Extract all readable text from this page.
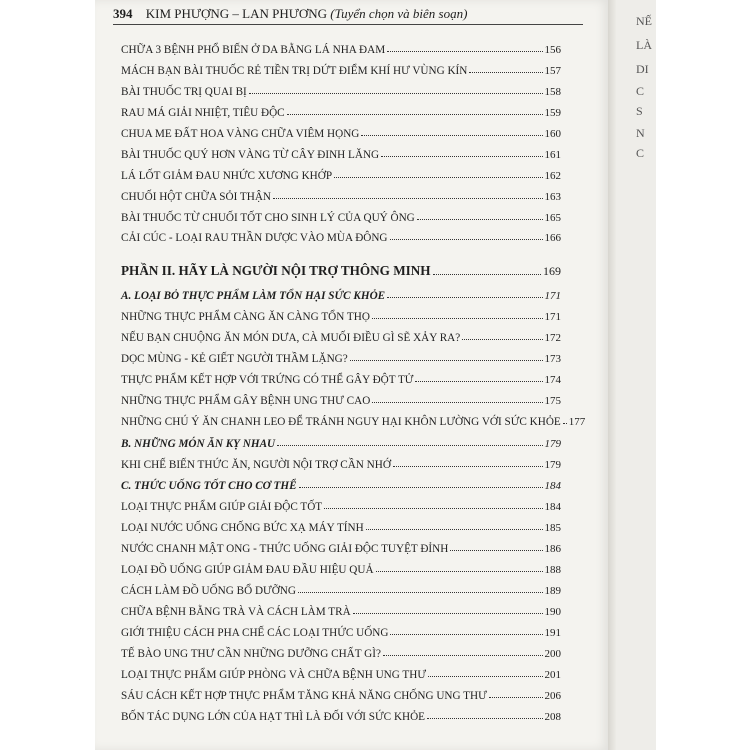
394 KIM PHƯỢNG – LAN PHƯƠNG (Tuyển chọn và biên soạn)
CHỮA 3 BỆNH PHỔ BIẾN Ở DA BẰNG LÁ NHA ĐAM	156
MÁCH BẠN BÀI THUỐC RẺ TIỀN TRỊ DỨT ĐIỂM KHÍ HƯ VÙNG KÍN	157
BÀI THUỐC TRỊ QUAI BỊ	158
RAU MÁ GIẢI NHIỆT, TIÊU ĐỘC	159
CHUA ME ĐẤT HOA VÀNG CHỮA VIÊM HỌNG	160
BÀI THUỐC QUÝ HƠN VÀNG TỪ CÂY ĐINH LĂNG	161
LÁ LỐT GIẢM ĐAU NHỨC XƯƠNG KHỚP	162
CHUỐI HỘT CHỮA SỎI THẬN	163
BÀI THUỐC TỪ CHUỐI TỐT CHO SINH LÝ CỦA QUÝ ÔNG	165
CẢI CÚC - LOẠI RAU THẦN DƯỢC VÀO MÙA ĐÔNG	166
PHẦN II. HÃY LÀ NGƯỜI NỘI TRỢ THÔNG MINH	169
A. LOẠI BỎ THỰC PHẨM LÀM TỔN HẠI SỨC KHỎE	171
NHỮNG THỰC PHẨM CÀNG ĂN CÀNG TỔN THỌ	171
NẾU BẠN CHUỘNG ĂN MÓN DƯA, CÀ MUỐI ĐIỀU GÌ SẼ XẢY RA?	172
DỌC MÙNG - KẺ GIẾT NGƯỜI THẦM LẶNG?	173
THỰC PHẨM KẾT HỢP VỚI TRỨNG CÓ THỂ GÂY ĐỘT TỬ	174
NHỮNG THỰC PHẨM GÂY BỆNH UNG THƯ CAO	175
NHỮNG CHÚ Ý ĂN CHANH LEO ĐỂ TRÁNH NGUY HẠI KHÔN LƯỜNG VỚI SỨC KHỎE 177
B. NHỮNG MÓN ĂN KỴ NHAU	179
KHI CHẾ BIẾN THỨC ĂN, NGƯỜI NỘI TRỢ CẦN NHỚ	179
C. THỨC UỐNG TỐT CHO CƠ THỂ	184
LOẠI THỰC PHẨM GIÚP GIẢI ĐỘC TỐT	184
LOẠI NƯỚC UỐNG CHỐNG BỨC XẠ MÁY TÍNH	185
NƯỚC CHANH MẬT ONG - THỨC UỐNG GIẢI ĐỘC TUYỆT ĐỈNH	186
LOẠI ĐỒ UỐNG GIÚP GIẢM ĐAU ĐẦU HIỆU QUẢ	188
CÁCH LÀM ĐỒ UỐNG BỔ DƯỠNG	189
CHỮA BỆNH BẰNG TRÀ VÀ CÁCH LÀM TRÀ	190
GIỚI THIỆU CÁCH PHA CHẾ CÁC LOẠI THỨC UỐNG	191
TẾ BÀO UNG THƯ CẦN NHỮNG DƯỠNG CHẤT GÌ?	200
LOẠI THỰC PHẨM GIÚP PHÒNG VÀ CHỮA BỆNH UNG THƯ	201
SÁU CÁCH KẾT HỢP THỰC PHẨM TĂNG KHẢ NĂNG CHỐNG UNG THƯ	206
BỐN TÁC DỤNG LỚN CỦA HẠT THÌ LÀ ĐỐI VỚI SỨC KHỎE	208
NẾ
LÀ
DI
C
S
N
C
